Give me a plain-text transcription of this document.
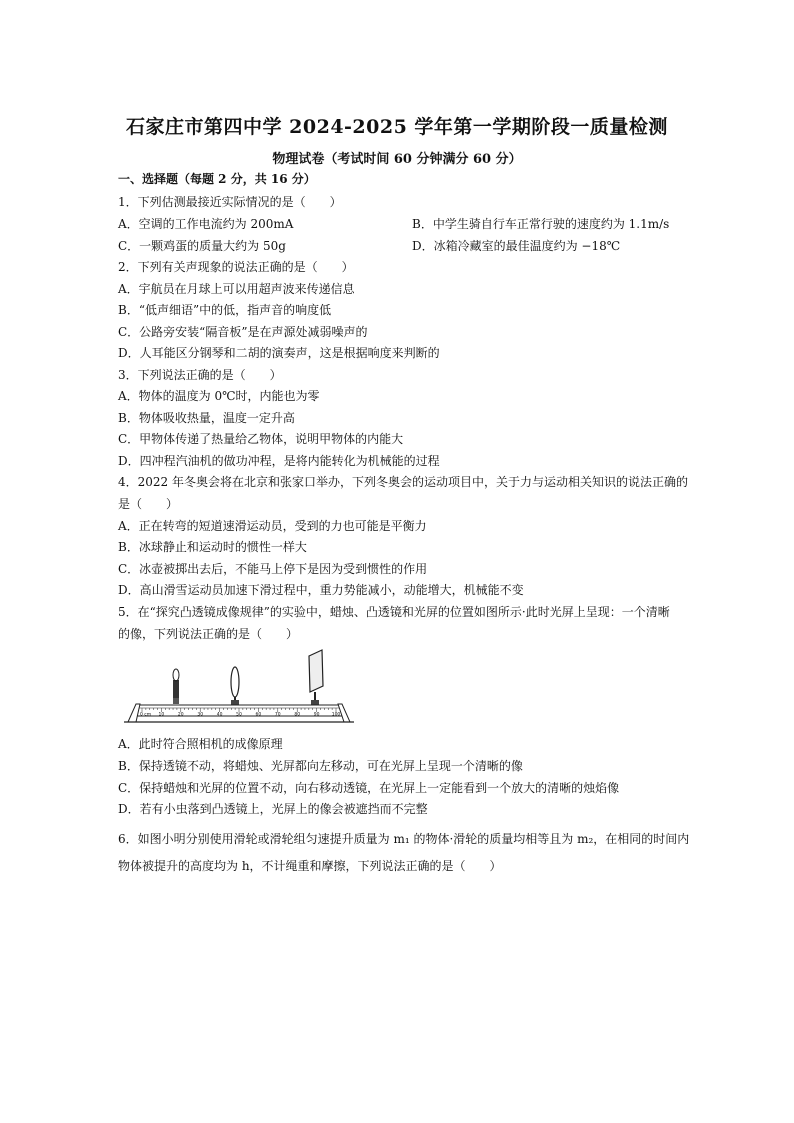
石家庄市第四中学 2024-2025 学年第一学期阶段一质量检测
物理试卷（考试时间 60 分钟满分 60 分）
一、选择题（每题 2 分，共 16 分）
1．下列估测最接近实际情况的是（　　）
A．空调的工作电流约为 200mA	B．中学生骑自行车正常行驶的速度约为 1.1m/s
C．一颗鸡蛋的质量大约为 50g	D．冰箱冷藏室的最佳温度约为 −18℃
2．下列有关声现象的说法正确的是（　　）
A．宇航员在月球上可以用超声波来传递信息
B．“低声细语”中的低，指声音的响度低
C．公路旁安装“隔音板”是在声源处减弱噪声的
D．人耳能区分钢琴和二胡的演奏声，这是根据响度来判断的
3．下列说法正确的是（　　）
A．物体的温度为 0℃时，内能也为零
B．物体吸收热量，温度一定升高
C．甲物体传递了热量给乙物体，说明甲物体的内能大
D．四冲程汽油机的做功冲程，是将内能转化为机械能的过程
4．2022 年冬奥会将在北京和张家口举办，下列冬奥会的运动项目中，关于力与运动相关知识的说法正确的
是（　　）
A．正在转弯的短道速滑运动员，受到的力也可能是平衡力
B．冰球静止和运动时的惯性一样大
C．冰壶被掷出去后，不能马上停下是因为受到惯性的作用
D．高山滑雪运动员加速下滑过程中，重力势能减小，动能增大，机械能不变
5．在“探究凸透镜成像规律”的实验中，蜡烛、凸透镜和光屏的位置如图所示·此时光屏上呈现：一个清晰
的像，下列说法正确的是（　　）
0 cm 10	20	30	40	50	60	70	80	90	100
A．此时符合照相机的成像原理
B．保持透镜不动，将蜡烛、光屏都向左移动，可在光屏上呈现一个清晰的像
C．保持蜡烛和光屏的位置不动，向右移动透镜，在光屏上一定能看到一个放大的清晰的烛焰像
D．若有小虫落到凸透镜上，光屏上的像会被遮挡而不完整
6．如图小明分别使用滑轮或滑轮组匀速提升质量为 m₁ 的物体·滑轮的质量均相等且为 m₂，在相同的时间内
物体被提升的高度均为 h，不计绳重和摩擦，下列说法正确的是（　　）
